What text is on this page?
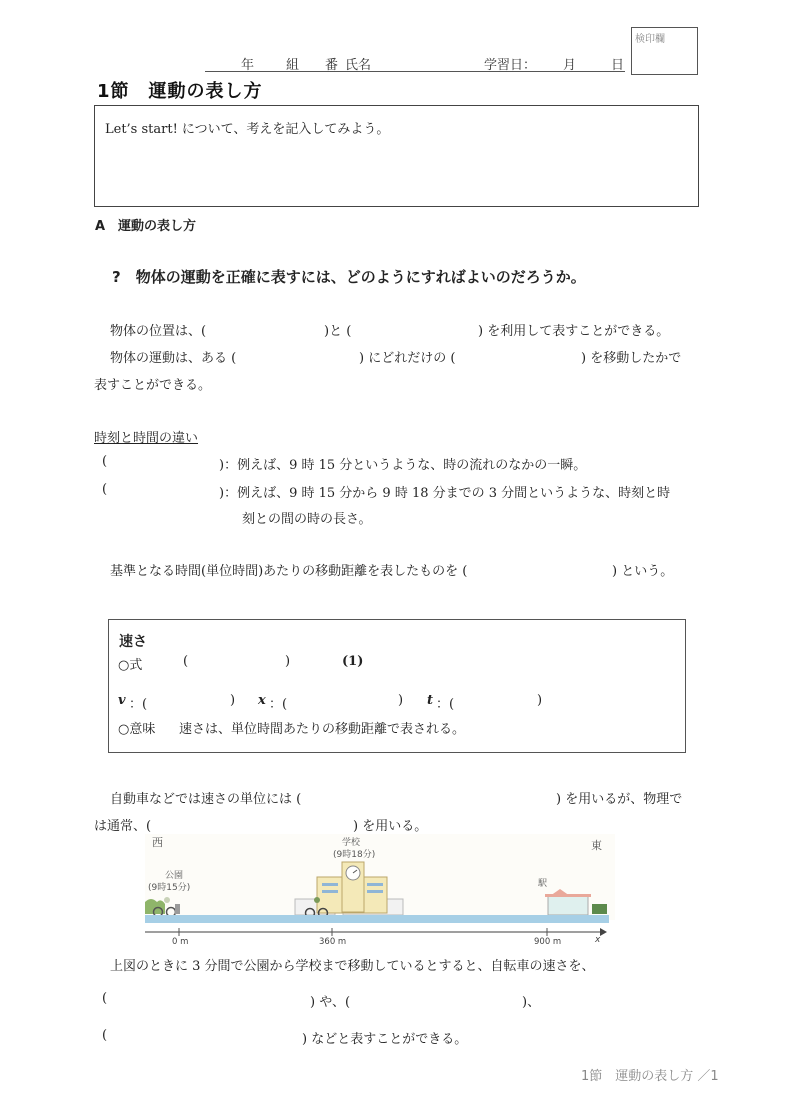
年 組 番 氏名	学習日： 月	日
検印欄
1節　運動の表し方
Let’s start! について、考えを記入してみよう。
A　運動の表し方
?　物体の運動を正確に表すには、どのようにすればよいのだろうか。
物体の位置は、(	)と (	) を利用して表すことができる。
物体の運動は、ある (	) にどれだけの (	) を移動したかで
表すことができる。
時刻と時間の違い
(	)：例えば、9 時 15 分というような、時の流れのなかの一瞬。
(	)：例えば、9 時 15 分から 9 時 18 分までの 3 分間というような、時刻と時
刻との間の時の長さ。
基準となる時間(単位時間)あたりの移動距離を表したものを (	) という。
速さ
○式	(	)	(1)
v ：(	) x ：(	) t ：(	)
○意味 速さは、単位時間あたりの移動距離で表される。
自動車などでは速さの単位には (	) を用いるが、物理で
は通常、(	) を用いる。
西	東
公園
(9時15分)
学校
(9時18分)
駅
0 m	360 m	900 m	x
上図のときに 3 分間で公園から学校まで移動しているとすると、自転車の速さを、
(	) や、(	)、
(	) などと表すことができる。
1節　運動の表し方 ／1
